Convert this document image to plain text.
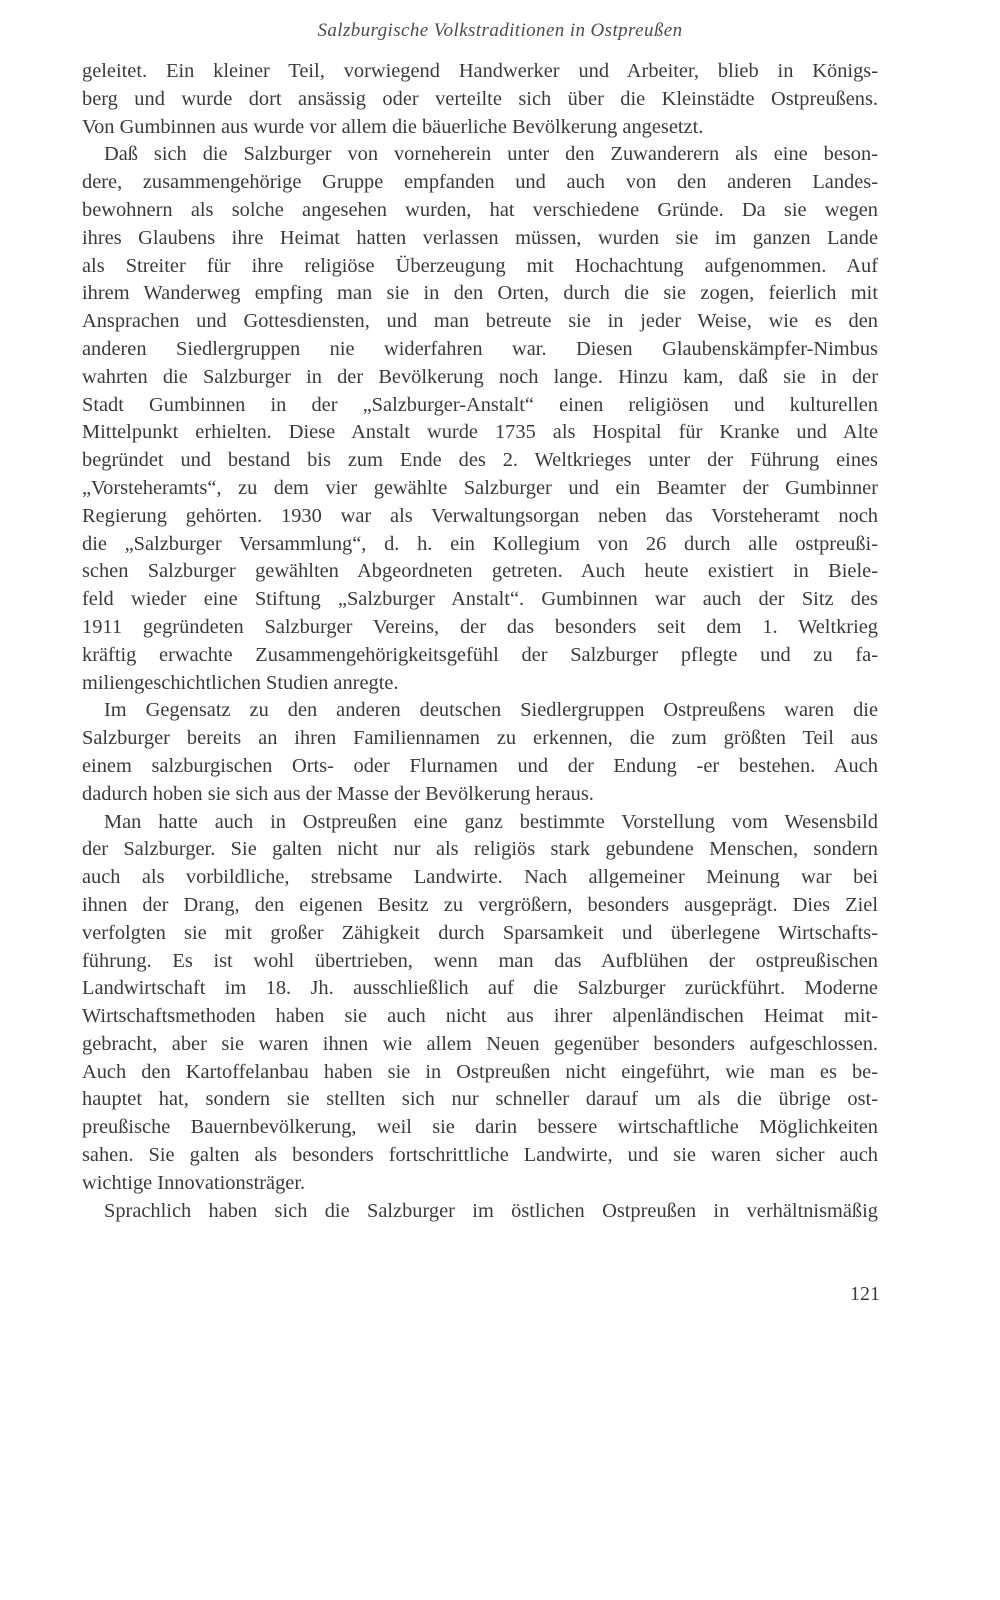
Salzburgische Volkstraditionen in Ostpreußen
geleitet. Ein kleiner Teil, vorwiegend Handwerker und Arbeiter, blieb in Königs-
berg und wurde dort ansässig oder verteilte sich über die Kleinstädte Ostpreußens.
Von Gumbinnen aus wurde vor allem die bäuerliche Bevölkerung angesetzt.
Daß sich die Salzburger von vorneherein unter den Zuwanderern als eine beson-
dere, zusammengehörige Gruppe empfanden und auch von den anderen Landes-
bewohnern als solche angesehen wurden, hat verschiedene Gründe. Da sie wegen
ihres Glaubens ihre Heimat hatten verlassen müssen, wurden sie im ganzen Lande
als Streiter für ihre religiöse Überzeugung mit Hochachtung aufgenommen. Auf
ihrem Wanderweg empfing man sie in den Orten, durch die sie zogen, feierlich mit
Ansprachen und Gottesdiensten, und man betreute sie in jeder Weise, wie es den
anderen Siedlergruppen nie widerfahren war. Diesen Glaubenskämpfer-Nimbus
wahrten die Salzburger in der Bevölkerung noch lange. Hinzu kam, daß sie in der
Stadt Gumbinnen in der „Salzburger-Anstalt“ einen religiösen und kulturellen
Mittelpunkt erhielten. Diese Anstalt wurde 1735 als Hospital für Kranke und Alte
begründet und bestand bis zum Ende des 2. Weltkrieges unter der Führung eines
„Vorsteheramts“, zu dem vier gewählte Salzburger und ein Beamter der Gumbinner
Regierung gehörten. 1930 war als Verwaltungsorgan neben das Vorsteheramt noch
die „Salzburger Versammlung“, d. h. ein Kollegium von 26 durch alle ostpreußi-
schen Salzburger gewählten Abgeordneten getreten. Auch heute existiert in Biele-
feld wieder eine Stiftung „Salzburger Anstalt“. Gumbinnen war auch der Sitz des
1911 gegründeten Salzburger Vereins, der das besonders seit dem 1. Weltkrieg
kräftig erwachte Zusammengehörigkeitsgefühl der Salzburger pflegte und zu fa-
miliengeschichtlichen Studien anregte.
Im Gegensatz zu den anderen deutschen Siedlergruppen Ostpreußens waren die
Salzburger bereits an ihren Familiennamen zu erkennen, die zum größten Teil aus
einem salzburgischen Orts- oder Flurnamen und der Endung -er bestehen. Auch
dadurch hoben sie sich aus der Masse der Bevölkerung heraus.
Man hatte auch in Ostpreußen eine ganz bestimmte Vorstellung vom Wesensbild
der Salzburger. Sie galten nicht nur als religiös stark gebundene Menschen, sondern
auch als vorbildliche, strebsame Landwirte. Nach allgemeiner Meinung war bei
ihnen der Drang, den eigenen Besitz zu vergrößern, besonders ausgeprägt. Dies Ziel
verfolgten sie mit großer Zähigkeit durch Sparsamkeit und überlegene Wirtschafts-
führung. Es ist wohl übertrieben, wenn man das Aufblühen der ostpreußischen
Landwirtschaft im 18. Jh. ausschließlich auf die Salzburger zurückführt. Moderne
Wirtschaftsmethoden haben sie auch nicht aus ihrer alpenländischen Heimat mit-
gebracht, aber sie waren ihnen wie allem Neuen gegenüber besonders aufgeschlossen.
Auch den Kartoffelanbau haben sie in Ostpreußen nicht eingeführt, wie man es be-
hauptet hat, sondern sie stellten sich nur schneller darauf um als die übrige ost-
preußische Bauernbevölkerung, weil sie darin bessere wirtschaftliche Möglichkeiten
sahen. Sie galten als besonders fortschrittliche Landwirte, und sie waren sicher auch
wichtige Innovationsträger.
Sprachlich haben sich die Salzburger im östlichen Ostpreußen in verhältnismäßig
121
